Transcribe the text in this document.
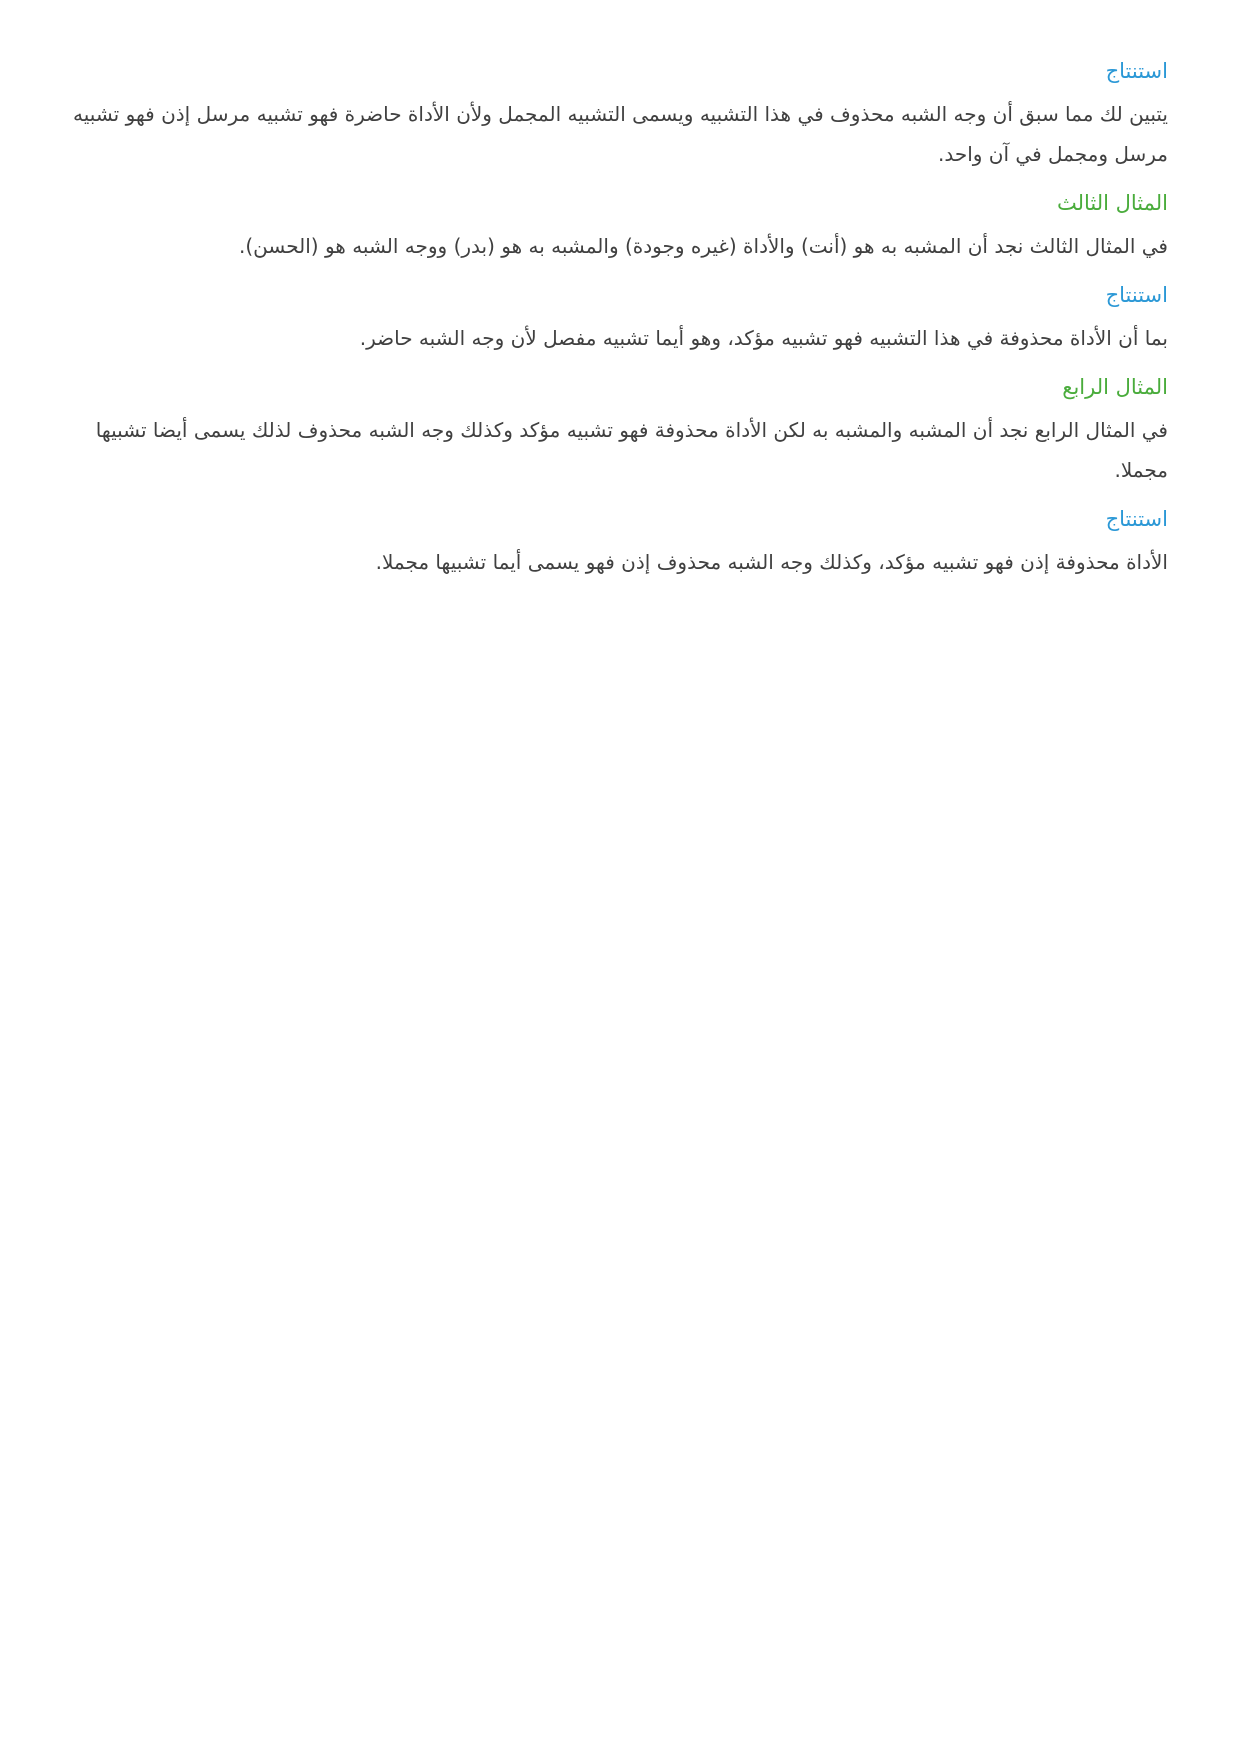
استنتاج

يتبين لك مما سبق أن وجه الشبه محذوف في هذا التشبيه ويسمى التشبيه المجمل ولأن الأداة حاضرة فهو تشبيه مرسل إذن فهو تشبيه مرسل ومجمل في آن واحد.

المثال الثالث

في المثال الثالث نجد أن المشبه به هو (أنت) والأداة (غيره وجودة) والمشبه به هو (بدر) ووجه الشبه هو (الحسن).

استنتاج

بما أن الأداة محذوفة في هذا التشبيه فهو تشبيه مؤكد، وهو أيما تشبيه مفصل لأن وجه الشبه حاضر.

المثال الرابع

في المثال الرابع نجد أن المشبه والمشبه به لكن الأداة محذوفة فهو تشبيه مؤكد وكذلك وجه الشبه محذوف لذلك يسمى أيضا تشبيها مجملا.

استنتاج

الأداة محذوفة إذن فهو تشبيه مؤكد، وكذلك وجه الشبه محذوف إذن فهو يسمى أيما تشبيها مجملا.
